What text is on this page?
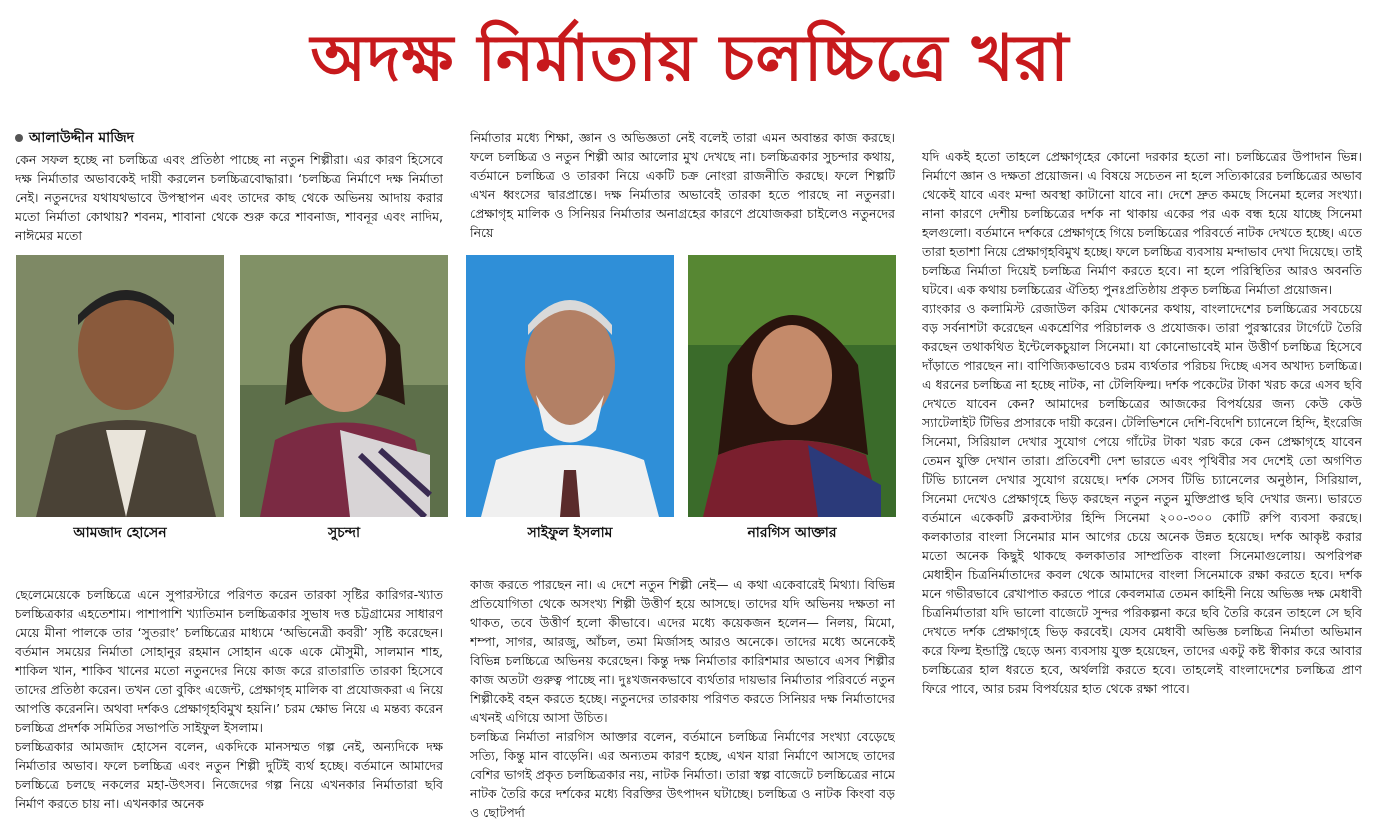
অদক্ষ নির্মাতায় চলচ্চিত্রে খরা
আলাউদ্দীন মাজিদ

কেন সফল হচ্ছে না চলচ্চিত্র এবং প্রতিষ্ঠা পাচ্ছে না নতুন শিল্পীরা। এর কারণ হিসেবে দক্ষ নির্মাতার অভাবকেই দায়ী করলেন চলচ্চিত্রবোদ্ধারা। ‘চলচ্চিত্র নির্মাণে দক্ষ নির্মাতা নেই। নতুনদের যথাযথভাবে উপস্থাপন এবং তাদের কাছ থেকে অভিনয় আদায় করার মতো নির্মাতা কোথায়? শবনম, শাবানা থেকে শুরু করে শাবনাজ, শাবনূর এবং নাদিম, নাঈমের মতো

নির্মাতার মধ্যে শিক্ষা, জ্ঞান ও অভিজ্ঞতা নেই বলেই তারা এমন অবান্তর কাজ করছে। ফলে চলচ্চিত্র ও নতুন শিল্পী আর আলোর মুখ দেখছে না। চলচ্চিত্রকার সুচন্দার কথায়, বর্তমানে চলচ্চিত্র ও তারকা নিয়ে একটি চক্র নোংরা রাজনীতি করছে। ফলে শিল্পটি এখন ধ্বংসের দ্বারপ্রান্তে। দক্ষ নির্মাতার অভাবেই তারকা হতে পারছে না নতুনরা। প্রেক্ষাগৃহ মালিক ও সিনিয়র নির্মাতার অনাগ্রহের কারণে প্রযোজকরা চাইলেও নতুনদের নিয়ে

যদি একই হতো তাহলে প্রেক্ষাগৃহের কোনো দরকার হতো না। চলচ্চিত্রের উপাদান ভিন্ন। নির্মাণে জ্ঞান ও দক্ষতা প্রয়োজন। এ বিষয়ে সচেতন না হলে সত্যিকারের চলচ্চিত্রের অভাব থেকেই যাবে এবং মন্দা অবস্থা কাটানো যাবে না। দেশে দ্রুত কমছে সিনেমা হলের সংখ্যা। নানা কারণে দেশীয় চলচ্চিত্রের দর্শক না থাকায় একের পর এক বন্ধ হয়ে যাচ্ছে সিনেমা হলগুলো। বর্তমানে দর্শকরে প্রেক্ষাগৃহে গিয়ে চলচ্চিত্রের পরিবর্তে নাটক দেখতে হচ্ছে। এতে তারা হতাশা নিয়ে প্রেক্ষাগৃহবিমুখ হচ্ছে। ফলে চলচ্চিত্র ব্যবসায় মন্দাভাব দেখা দিয়েছে। তাই চলচ্চিত্র নির্মাতা দিয়েই চলচ্চিত্র নির্মাণ করতে হবে। না হলে পরিস্থিতির আরও অবনতি ঘটবে। এক কথায় চলচ্চিত্রের ঐতিহ্য পুনঃপ্রতিষ্ঠায় প্রকৃত চলচ্চিত্র নির্মাতা প্রয়োজন।
ব্যাংকার ও কলামিস্ট রেজাউল করিম খোকনের কথায়, বাংলাদেশের চলচ্চিত্রের সবচেয়ে বড় সর্বনাশটা করেছেন একশ্রেণির পরিচালক ও প্রযোজক। তারা পুরস্কারের টার্গেটে তৈরি করছেন তথাকথিত ইন্টেলেকচুয়াল সিনেমা। যা কোনোভাবেই মান উত্তীর্ণ চলচ্চিত্র হিসেবে দাঁড়াতে পারছেন না। বাণিজ্যিকভাবেও চরম ব্যর্থতার পরিচয় দিচ্ছে এসব অখাদ্য চলচ্চিত্র। এ ধরনের চলচ্চিত্র না হচ্ছে নাটক, না টেলিফিল্ম। দর্শক পকেটের টাকা খরচ করে এসব ছবি দেখতে যাবেন কেন? আমাদের চলচ্চিত্রের আজকের বিপর্যয়ের জন্য কেউ কেউ স্যাটেলাইট টিভির প্রসারকে দায়ী করেন। টেলিভিশনে দেশি-বিদেশি চ্যানেলে হিন্দি, ইংরেজি সিনেমা, সিরিয়াল দেখার সুযোগ পেয়ে গাঁটের টাকা খরচ করে কেন প্রেক্ষাগৃহে যাবেন তেমন যুক্তি দেখান তারা। প্রতিবেশী দেশ ভারতে এবং পৃথিবীর সব দেশেই তো অগণিত টিভি চ্যানেল দেখার সুযোগ রয়েছে। দর্শক সেসব টিভি চ্যানেলের অনুষ্ঠান, সিরিয়াল, সিনেমা দেখেও প্রেক্ষাগৃহে ভিড় করছেন নতুন নতুন মুক্তিপ্রাপ্ত ছবি দেখার জন্য। ভারতে বর্তমানে একেকটি ব্লকবাস্টার হিন্দি সিনেমা ২০০-৩০০ কোটি রুপি ব্যবসা করছে। কলকাতার বাংলা সিনেমার মান আগের চেয়ে অনেক উন্নত হয়েছে। দর্শক আকৃষ্ট করার মতো অনেক কিছুই থাকছে কলকাতার সাম্প্রতিক বাংলা সিনেমাগুলোয়। অপরিপক্ব মেধাহীন চিত্রনির্মাতাদের কবল থেকে আমাদের বাংলা সিনেমাকে রক্ষা করতে হবে। দর্শক মনে গভীরভাবে রেখাপাত করতে পারে কেবলমাত্র তেমন কাহিনী নিয়ে অভিজ্ঞ দক্ষ মেধাবী চিত্রনির্মাতারা যদি ভালো বাজেটে সুন্দর পরিকল্পনা করে ছবি তৈরি করেন তাহলে সে ছবি দেখতে দর্শক প্রেক্ষাগৃহে ভিড় করবেই। যেসব মেধাবী অভিজ্ঞ চলচ্চিত্র নির্মাতা অভিমান করে ফিল্ম ইন্ডাস্ট্রি ছেড়ে অন্য ব্যবসায় যুক্ত হয়েছেন, তাদের একটু কষ্ট স্বীকার করে আবার চলচ্চিত্রের হাল ধরতে হবে, অর্থলগ্নি করতে হবে। তাহলেই বাংলাদেশের চলচ্চিত্র প্রাণ ফিরে পাবে, আর চরম বিপর্যয়ের হাত থেকে রক্ষা পাবে।

আমজাদ হোসেন	সুচন্দা	সাইফুল ইসলাম	নারগিস আক্তার

ছেলেমেয়েকে চলচ্চিত্রে এনে সুপারস্টারে পরিণত করেন তারকা সৃষ্টির কারিগর-খ্যাত চলচ্চিত্রকার এহতেশাম। পাশাপাশি খ্যাতিমান চলচ্চিত্রকার সুভাষ দত্ত চট্টগ্রামের সাধারণ মেয়ে মীনা পালকে তার ‘সুতরাং’ চলচ্চিত্রের মাধ্যমে ‘অভিনেত্রী কবরী’ সৃষ্টি করেছেন। বর্তমান সময়ের নির্মাতা সোহানুর রহমান সোহান একে একে মৌসুমী, সালমান শাহ, শাকিল খান, শাকিব খানের মতো নতুনদের নিয়ে কাজ করে রাতারাতি তারকা হিসেবে তাদের প্রতিষ্ঠা করেন। তখন তো বুকিং এজেন্ট, প্রেক্ষাগৃহ মালিক বা প্রযোজকরা এ নিয়ে আপত্তি করেননি। অথবা দর্শকও প্রেক্ষাগৃহবিমুখ হয়নি।’ চরম ক্ষোভ নিয়ে এ মন্তব্য করেন চলচ্চিত্র প্রদর্শক সমিতির সভাপতি সাইফুল ইসলাম।
চলচ্চিত্রকার আমজাদ হোসেন বলেন, একদিকে মানসম্মত গল্প নেই, অন্যদিকে দক্ষ নির্মাতার অভাব। ফলে চলচ্চিত্র এবং নতুন শিল্পী দুটিই ব্যর্থ হচ্ছে। বর্তমানে আমাদের চলচ্চিত্রে চলছে নকলের মহা-উৎসব। নিজেদের গল্প নিয়ে এখনকার নির্মাতারা ছবি নির্মাণ করতে চায় না। এখনকার অনেক

কাজ করতে পারছেন না। এ দেশে নতুন শিল্পী নেই— এ কথা একেবারেই মিথ্যা। বিভিন্ন প্রতিযোগিতা থেকে অসংখ্য শিল্পী উত্তীর্ণ হয়ে আসছে। তাদের যদি অভিনয় দক্ষতা না থাকত, তবে উত্তীর্ণ হলো কীভাবে। এদের মধ্যে কয়েকজন হলেন— নিলয়, মিমো, শম্পা, সাগর, আরজু, আঁচল, তমা মির্জাসহ আরও অনেকে। তাদের মধ্যে অনেকেই বিভিন্ন চলচ্চিত্রে অভিনয় করেছেন। কিন্তু দক্ষ নির্মাতার কারিশমার অভাবে এসব শিল্পীর কাজ অতটা গুরুত্ব পাচ্ছে না। দুঃখজনকভাবে ব্যর্থতার দায়ভার নির্মাতার পরিবর্তে নতুন শিল্পীকেই বহন করতে হচ্ছে। নতুনদের তারকায় পরিণত করতে সিনিয়র দক্ষ নির্মাতাদের এখনই এগিয়ে আসা উচিত।
চলচ্চিত্র নির্মাতা নারগিস আক্তার বলেন, বর্তমানে চলচ্চিত্র নির্মাণের সংখ্যা বেড়েছে সত্যি, কিন্তু মান বাড়েনি। এর অন্যতম কারণ হচ্ছে, এখন যারা নির্মাণে আসছে তাদের বেশির ভাগই প্রকৃত চলচ্চিত্রকার নয়, নাটক নির্মাতা। তারা স্বল্প বাজেটে চলচ্চিত্রের নামে নাটক তৈরি করে দর্শকের মধ্যে বিরক্তির উৎপাদন ঘটাচ্ছে। চলচ্চিত্র ও নাটক কিংবা বড় ও ছোটপর্দা
